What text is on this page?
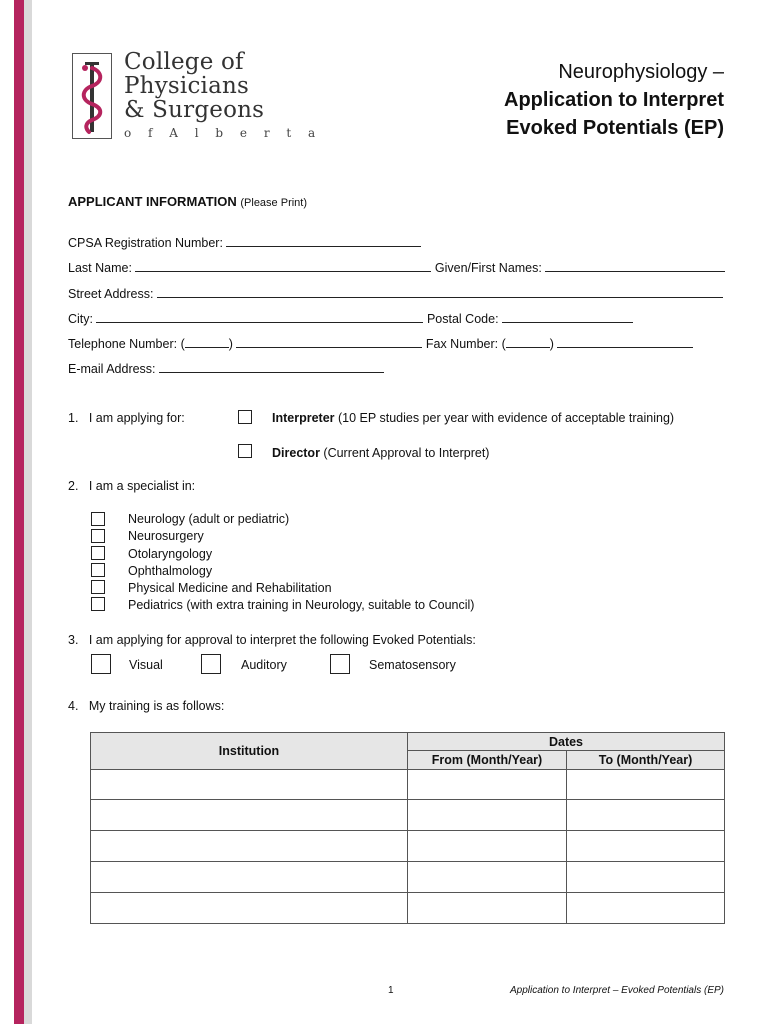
College of
Physicians
& Surgeons
o f A l b e r t a
Neurophysiology –
Application to Interpret
Evoked Potentials (EP)
APPLICANT INFORMATION (Please Print)
CPSA Registration Number:
Last Name:	Given/First Names:
Street Address:
City:	Postal Code:
Telephone Number: (	)	Fax Number: (	)
E-mail Address:
1. I am applying for:	Interpreter (10 EP studies per year with evidence of acceptable training)
Director (Current Approval to Interpret)
2. I am a specialist in:
Neurology (adult or pediatric)
Neurosurgery
Otolaryngology
Ophthalmology
Physical Medicine and Rehabilitation
Pediatrics (with extra training in Neurology, suitable to Council)
3. I am applying for approval to interpret the following Evoked Potentials:
Visual	Auditory	Sematosensory
4. My training is as follows:
Institution	Dates	
	From (Month/Year)	To (Month/Year)

1	Application to Interpret – Evoked Potentials (EP)
